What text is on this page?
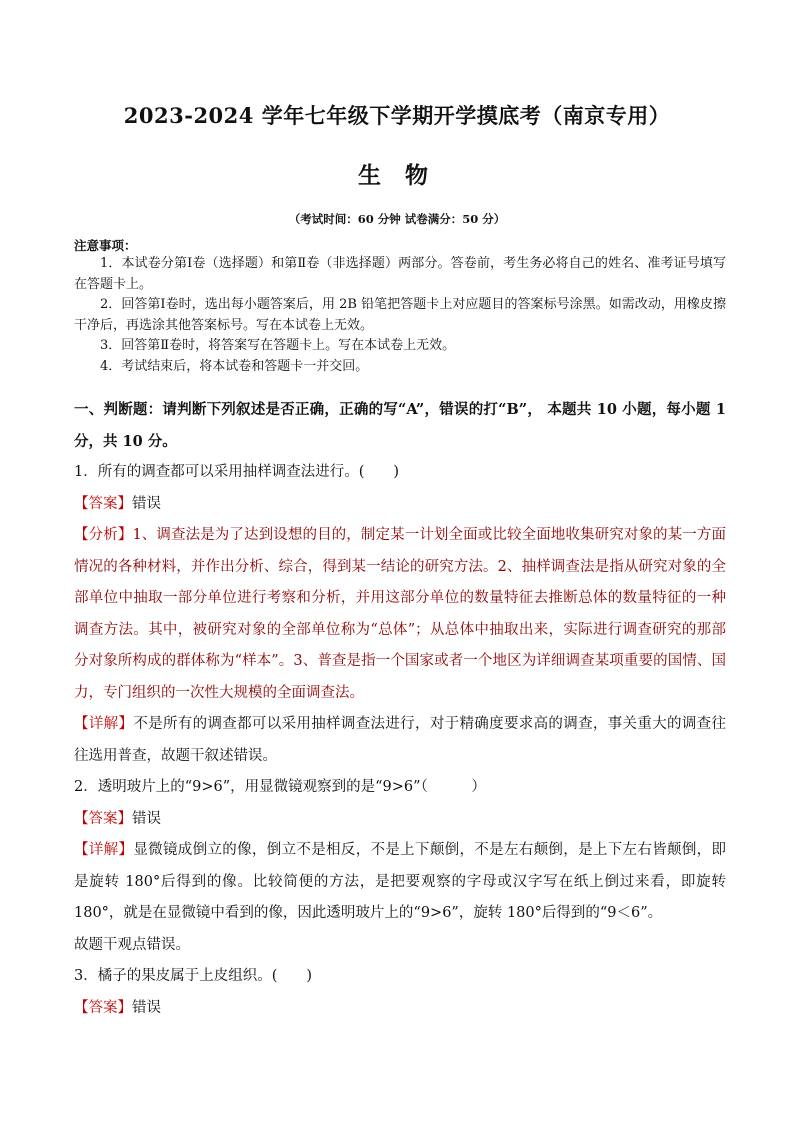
2023-2024 学年七年级下学期开学摸底考（南京专用）
生 物
（考试时间：60 分钟 试卷满分：50 分）
注意事项：

1．本试卷分第Ⅰ卷（选择题）和第Ⅱ卷（非选择题）两部分。答卷前，考生务必将自己的姓名、准考证号填写在答题卡上。

2．回答第Ⅰ卷时，选出每小题答案后，用 2B 铅笔把答题卡上对应题目的答案标号涂黑。如需改动，用橡皮擦干净后，再选涂其他答案标号。写在本试卷上无效。

3．回答第Ⅱ卷时，将答案写在答题卡上。写在本试卷上无效。

4．考试结束后，将本试卷和答题卡一并交回。

一、判断题：请判断下列叙述是否正确，正确的写“A”，错误的打“B”， 本题共 10 小题，每小题 1 分，共 10 分。

1．所有的调查都可以采用抽样调查法进行。(　　)

【答案】错误

【分析】1、调查法是为了达到设想的目的，制定某一计划全面或比较全面地收集研究对象的某一方面情况的各种材料，并作出分析、综合，得到某一结论的研究方法。2、抽样调查法是指从研究对象的全部单位中抽取一部分单位进行考察和分析，并用这部分单位的数量特征去推断总体的数量特征的一种调查方法。其中，被研究对象的全部单位称为“总体”；从总体中抽取出来，实际进行调查研究的那部分对象所构成的群体称为“样本”。3、普查是指一个国家或者一个地区为详细调查某项重要的国情、国力，专门组织的一次性大规模的全面调查法。

【详解】不是所有的调查都可以采用抽样调查法进行，对于精确度要求高的调查，事关重大的调查往往选用普查，故题干叙述错误。

2．透明玻片上的“9>6”，用显微镜观察到的是“9>6”（　　　）

【答案】错误

【详解】显微镜成倒立的像，倒立不是相反，不是上下颠倒，不是左右颠倒，是上下左右皆颠倒，即是旋转 180°后得到的像。比较简便的方法，是把要观察的字母或汉字写在纸上倒过来看，即旋转 180°，就是在显微镜中看到的像，因此透明玻片上的“9>6”，旋转 180°后得到的“9＜6”。

故题干观点错误。

3．橘子的果皮属于上皮组织。(　　)

【答案】错误
